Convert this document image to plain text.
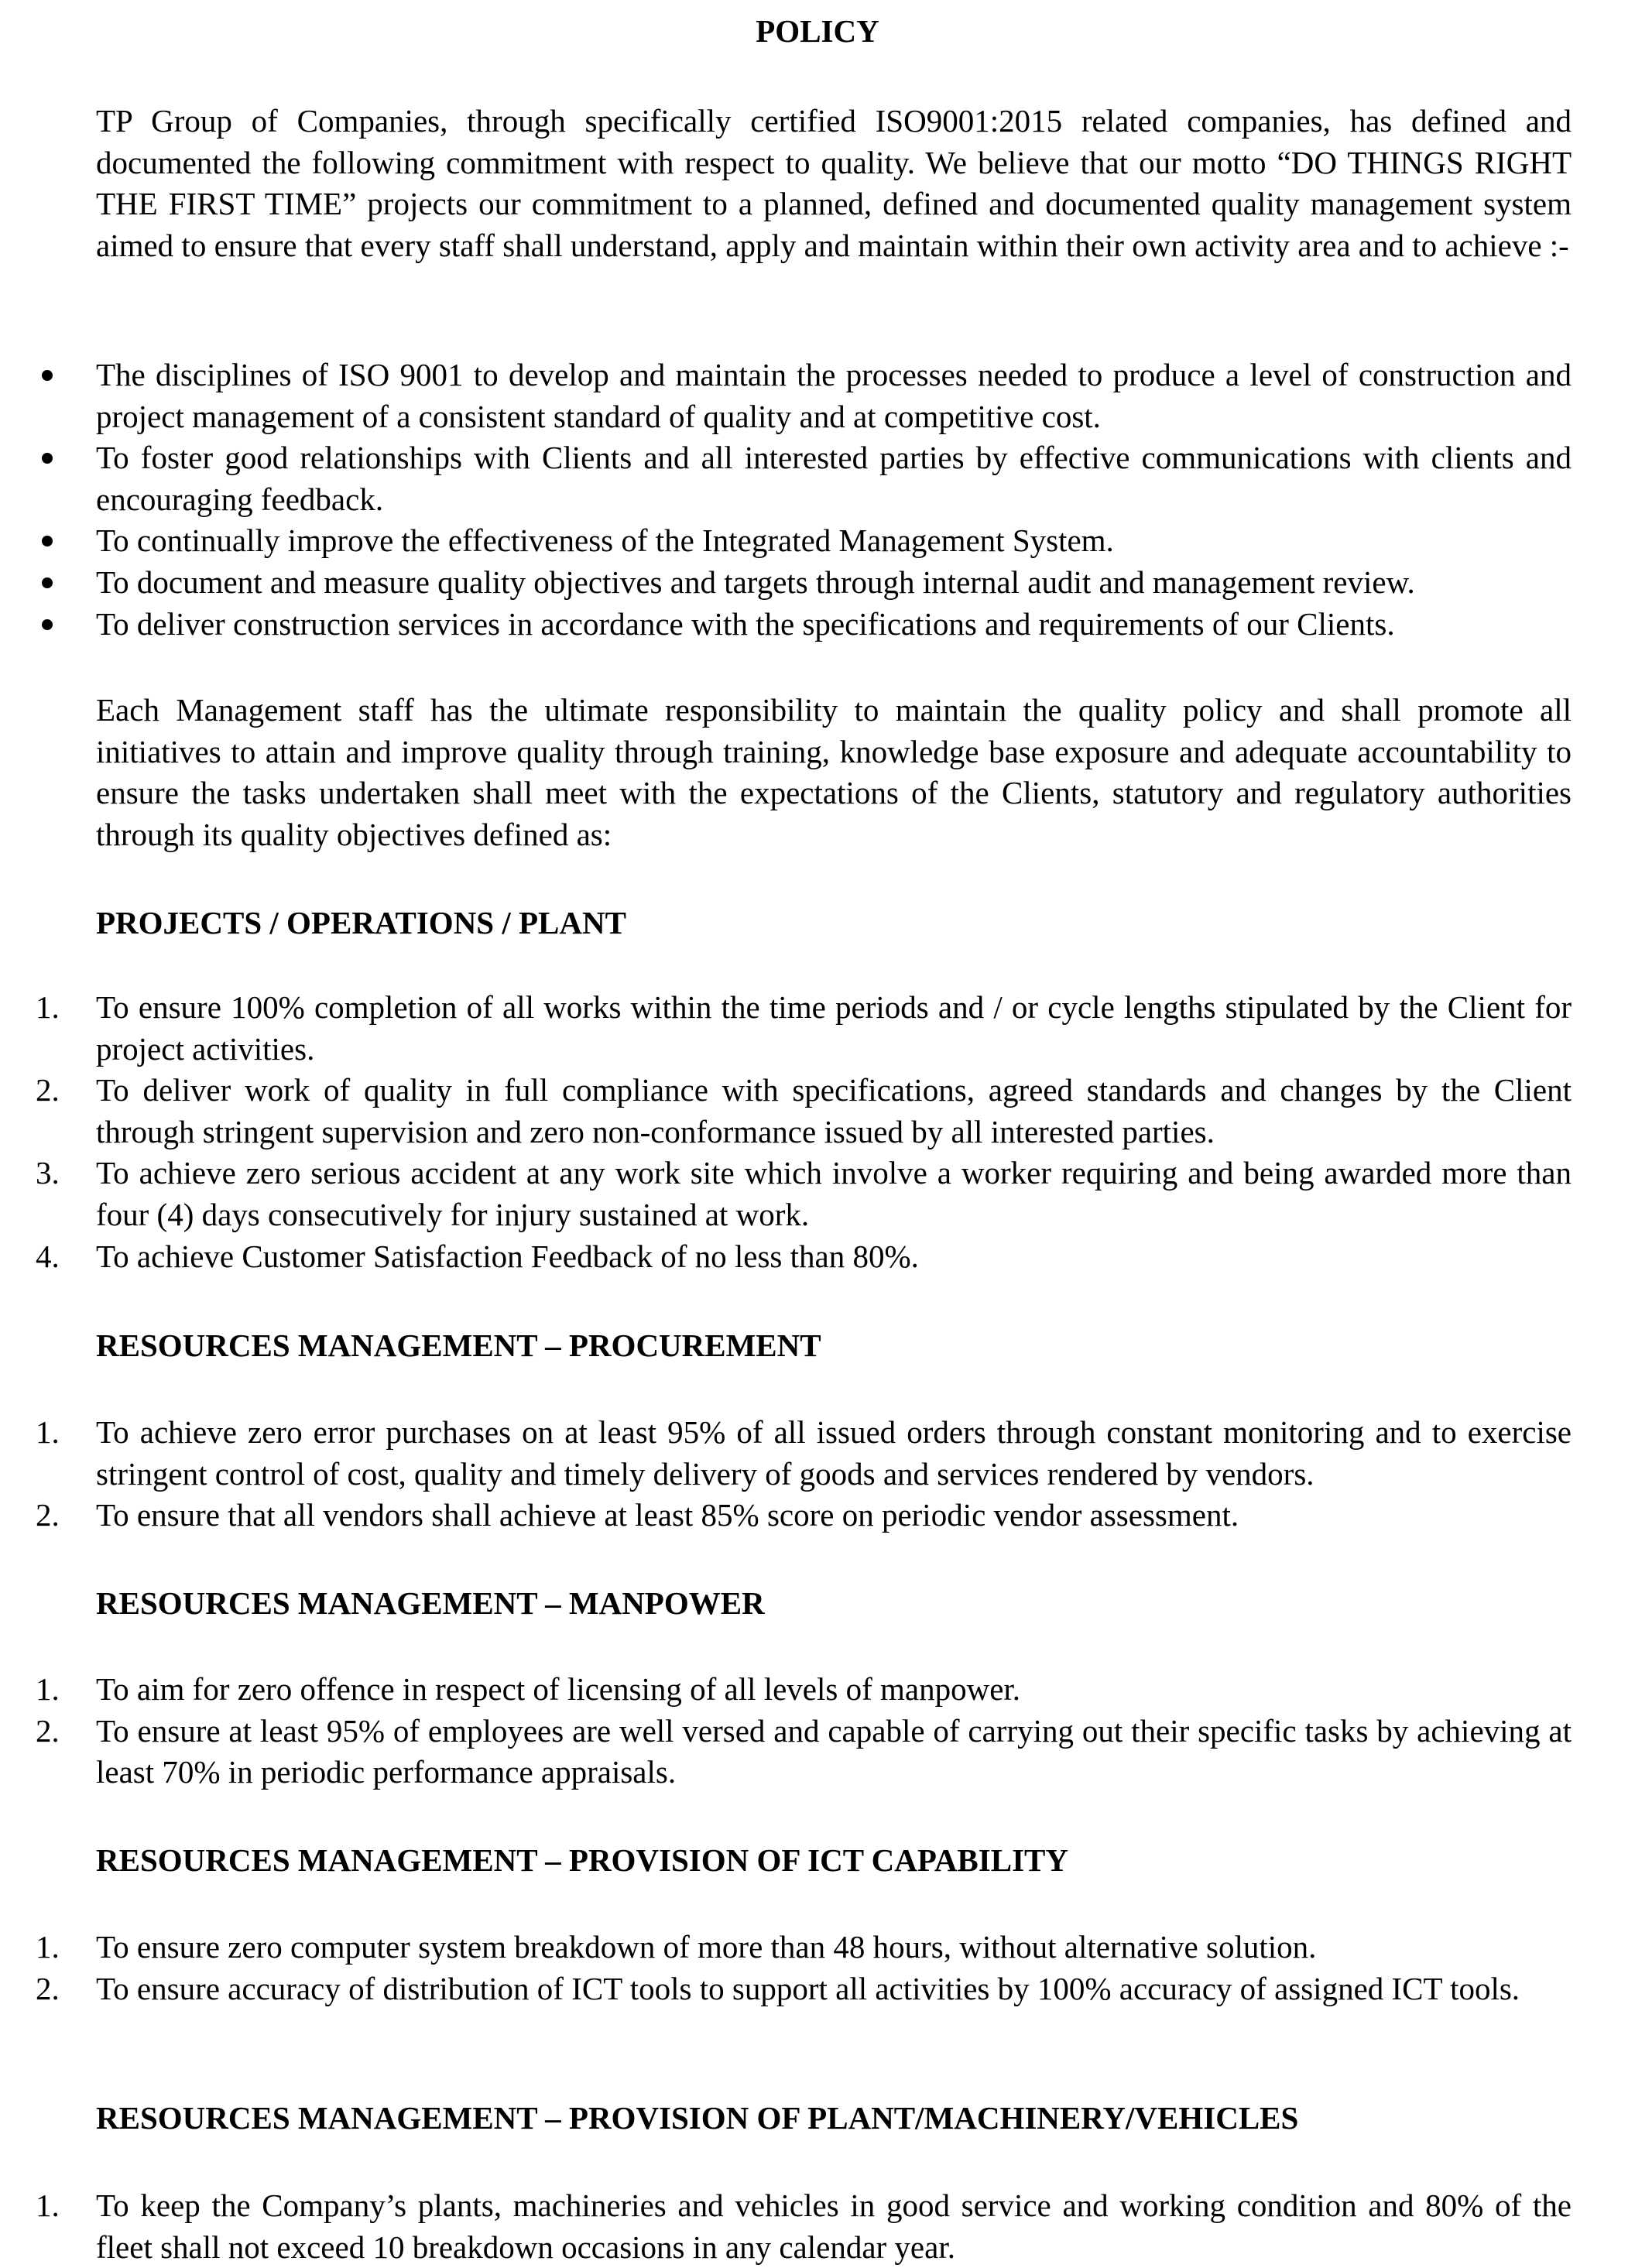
POLICY

TP Group of Companies, through specifically certified ISO9001:2015 related companies, has defined and documented the following commitment with respect to quality. We believe that our motto “DO THINGS RIGHT THE FIRST TIME” projects our commitment to a planned, defined and documented quality management system aimed to ensure that every staff shall understand, apply and maintain within their own activity area and to achieve :-

The disciplines of ISO 9001 to develop and maintain the processes needed to produce a level of construction and project management of a consistent standard of quality and at competitive cost.
To foster good relationships with Clients and all interested parties by effective communications with clients and encouraging feedback.
To continually improve the effectiveness of the Integrated Management System.
To document and measure quality objectives and targets through internal audit and management review.
To deliver construction services in accordance with the specifications and requirements of our Clients.

Each Management staff has the ultimate responsibility to maintain the quality policy and shall promote all initiatives to attain and improve quality through training, knowledge base exposure and adequate accountability to ensure the tasks undertaken shall meet with the expectations of the Clients, statutory and regulatory authorities through its quality objectives defined as:

PROJECTS / OPERATIONS / PLANT
1. To ensure 100% completion of all works within the time periods and / or cycle lengths stipulated by the Client for project activities.
2. To deliver work of quality in full compliance with specifications, agreed standards and changes by the Client through stringent supervision and zero non-conformance issued by all interested parties.
3. To achieve zero serious accident at any work site which involve a worker requiring and being awarded more than four (4) days consecutively for injury sustained at work.
4. To achieve Customer Satisfaction Feedback of no less than 80%.
RESOURCES MANAGEMENT – PROCUREMENT
1. To achieve zero error purchases on at least 95% of all issued orders through constant monitoring and to exercise stringent control of cost, quality and timely delivery of goods and services rendered by vendors.
2. To ensure that all vendors shall achieve at least 85% score on periodic vendor assessment.
RESOURCES MANAGEMENT – MANPOWER
1. To aim for zero offence in respect of licensing of all levels of manpower.
2. To ensure at least 95% of employees are well versed and capable of carrying out their specific tasks by achieving at least 70% in periodic performance appraisals.
RESOURCES MANAGEMENT – PROVISION OF ICT CAPABILITY
1. To ensure zero computer system breakdown of more than 48 hours, without alternative solution.
2. To ensure accuracy of distribution of ICT tools to support all activities by 100% accuracy of assigned ICT tools.
RESOURCES MANAGEMENT – PROVISION OF PLANT/MACHINERY/VEHICLES
1. To keep the Company’s plants, machineries and vehicles in good service and working condition and 80% of the fleet shall not exceed 10 breakdown occasions in any calendar year.
